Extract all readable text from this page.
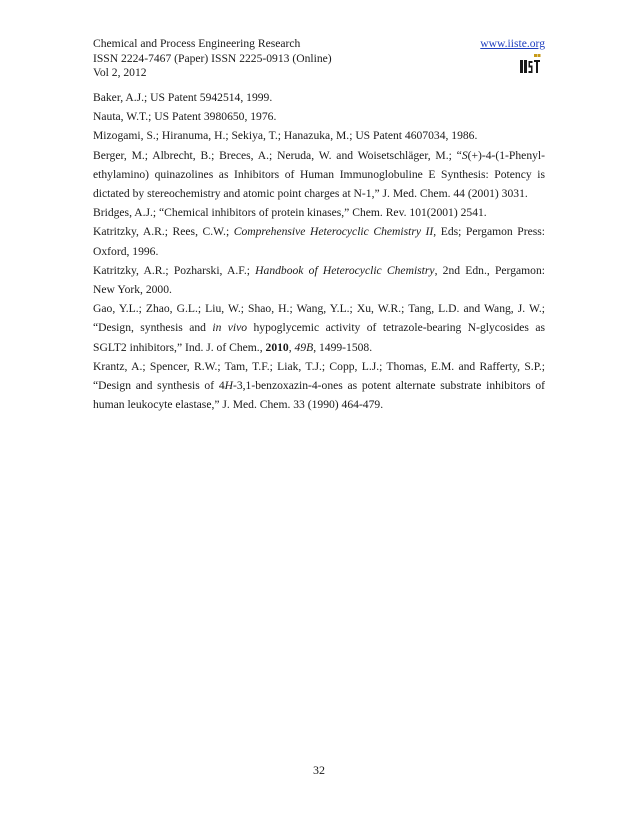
Chemical and Process Engineering Research
ISSN 2224-7467 (Paper) ISSN 2225-0913 (Online)
Vol 2, 2012
www.iiste.org
Baker, A.J.; US Patent 5942514, 1999.
Nauta, W.T.; US Patent 3980650, 1976.
Mizogami, S.; Hiranuma, H.; Sekiya, T.; Hanazuka, M.; US Patent 4607034, 1986.
Berger, M.; Albrecht, B.; Breces, A.; Neruda, W. and Woisetschläger, M.; “S(+)-4-(1-Phenyl- ethylamino) quinazolines as Inhibitors of Human Immunoglobuline E Synthesis: Potency is dictated by stereochemistry and atomic point charges at N-1,” J. Med. Chem. 44 (2001) 3031.
Bridges, A.J.; “Chemical inhibitors of protein kinases,” Chem. Rev. 101(2001) 2541.
Katritzky, A.R.; Rees, C.W.; Comprehensive Heterocyclic Chemistry II, Eds; Pergamon Press: Oxford, 1996.
Katritzky, A.R.; Pozharski, A.F.; Handbook of Heterocyclic Chemistry, 2nd Edn., Pergamon: New York, 2000.
Gao, Y.L.; Zhao, G.L.; Liu, W.; Shao, H.; Wang, Y.L.; Xu, W.R.; Tang, L.D. and Wang, J. W.; “Design, synthesis and in vivo hypoglycemic activity of tetrazole-bearing N-glycosides as SGLT2 inhibitors,” Ind. J. of Chem., 2010, 49B, 1499-1508.
Krantz, A.; Spencer, R.W.; Tam, T.F.; Liak, T.J.; Copp, L.J.; Thomas, E.M. and Rafferty, S.P.; “Design and synthesis of 4H-3,1-benzoxazin-4-ones as potent alternate substrate inhibitors of human leukocyte elastase,” J. Med. Chem. 33 (1990) 464-479.
32
